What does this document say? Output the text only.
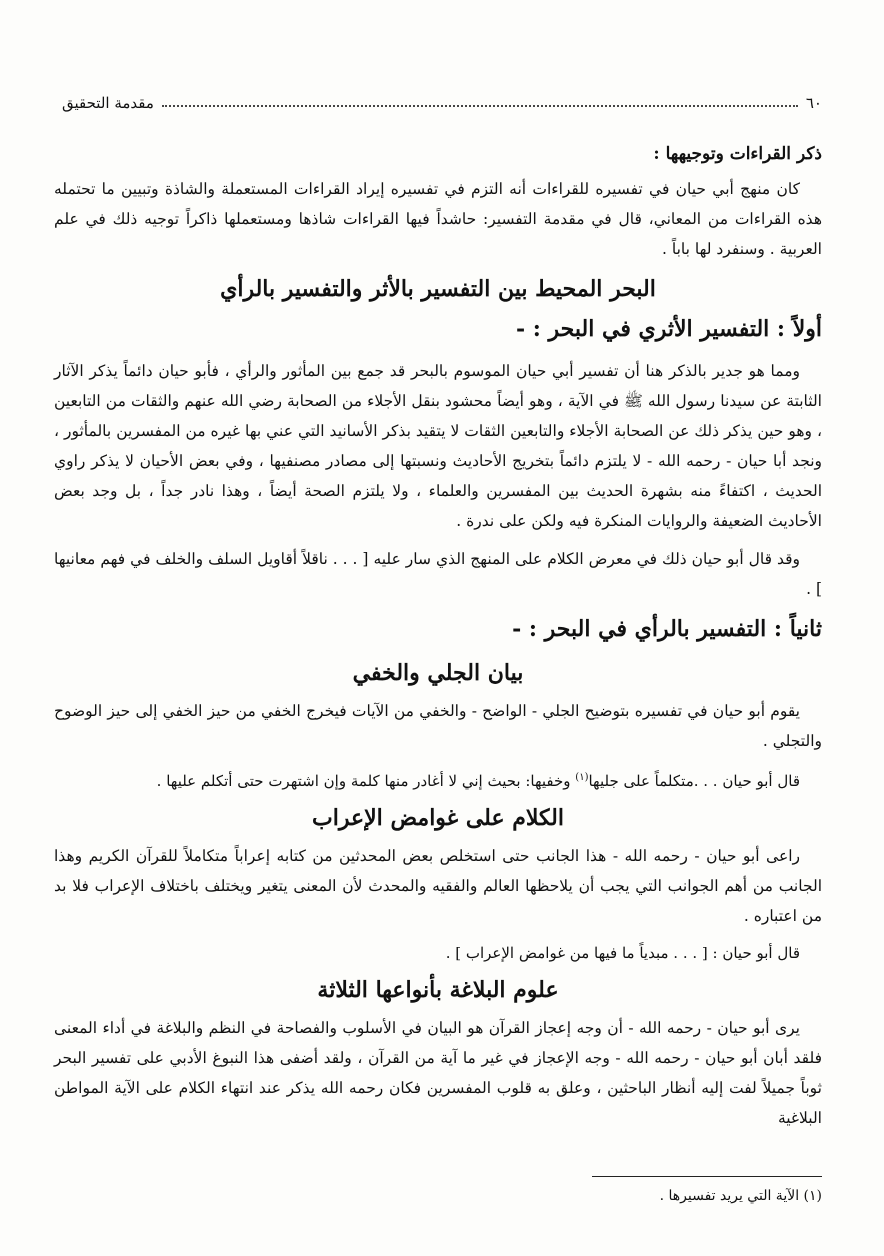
٦٠
مقدمة التحقيق
ذكر القراءات وتوجيهها :

كان منهج أبي حيان في تفسيره للقراءات أنه التزم في تفسيره إيراد القراءات المستعملة والشاذة وتبيين ما تحتمله هذه القراءات من المعاني، قال في مقدمة التفسير: حاشداً فيها القراءات شاذها ومستعملها ذاكراً توجيه ذلك في علم العربية . وسنفرد لها باباً .

البحر المحيط بين التفسير بالأثر والتفسير بالرأي
أولاً : التفسير الأثري في البحر : -

ومما هو جدير بالذكر هنا أن تفسير أبي حيان الموسوم بالبحر قد جمع بين المأثور والرأي ، فأبو حيان دائماً يذكر الآثار الثابتة عن سيدنا رسول الله ﷺ في الآية ، وهو أيضاً محشود بنقل الأجلاء من الصحابة رضي الله عنهم والثقات من التابعين ، وهو حين يذكر ذلك عن الصحابة الأجلاء والتابعين الثقات لا يتقيد بذكر الأسانيد التي عني بها غيره من المفسرين بالمأثور ، ونجد أبا حيان - رحمه الله - لا يلتزم دائماً بتخريج الأحاديث ونسبتها إلى مصادر مصنفيها ، وفي بعض الأحيان لا يذكر راوي الحديث ، اكتفاءً منه بشهرة الحديث بين المفسرين والعلماء ، ولا يلتزم الصحة أيضاً ، وهذا نادر جداً ، بل وجد بعض الأحاديث الضعيفة والروايات المنكرة فيه ولكن على ندرة .

وقد قال أبو حيان ذلك في معرض الكلام على المنهج الذي سار عليه [ . . . ناقلاً أقاويل السلف والخلف في فهم معانيها ] .

ثانياً : التفسير بالرأي في البحر : -
بيان الجلي والخفي

يقوم أبو حيان في تفسيره بتوضيح الجلي - الواضح - والخفي من الآيات فيخرج الخفي من حيز الخفي إلى حيز الوضوح والتجلي .

قال أبو حيان . . .متكلماً على جليها$^{(١)}$ وخفيها: بحيث إني لا أغادر منها كلمة وإن اشتهرت حتى أتكلم عليها .

الكلام على غوامض الإعراب

راعى أبو حيان - رحمه الله - هذا الجانب حتى استخلص بعض المحدثين من كتابه إعراباً متكاملاً للقرآن الكريم وهذا الجانب من أهم الجوانب التي يجب أن يلاحظها العالم والفقيه والمحدث لأن المعنى يتغير ويختلف باختلاف الإعراب فلا بد من اعتباره .

قال أبو حيان : [ . . . مبدياً ما فيها من غوامض الإعراب ] .

علوم البلاغة بأنواعها الثلاثة

يرى أبو حيان - رحمه الله - أن وجه إعجاز القرآن هو البيان في الأسلوب والفصاحة في النظم والبلاغة في أداء المعنى فلقد أبان أبو حيان - رحمه الله - وجه الإعجاز في غير ما آية من القرآن ، ولقد أضفى هذا النبوغ الأدبي على تفسير البحر ثوباً جميلاً لفت إليه أنظار الباحثين ، وعلق به قلوب المفسرين فكان رحمه الله يذكر عند انتهاء الكلام على الآية المواطن البلاغية

(١) الآية التي يريد تفسيرها .
